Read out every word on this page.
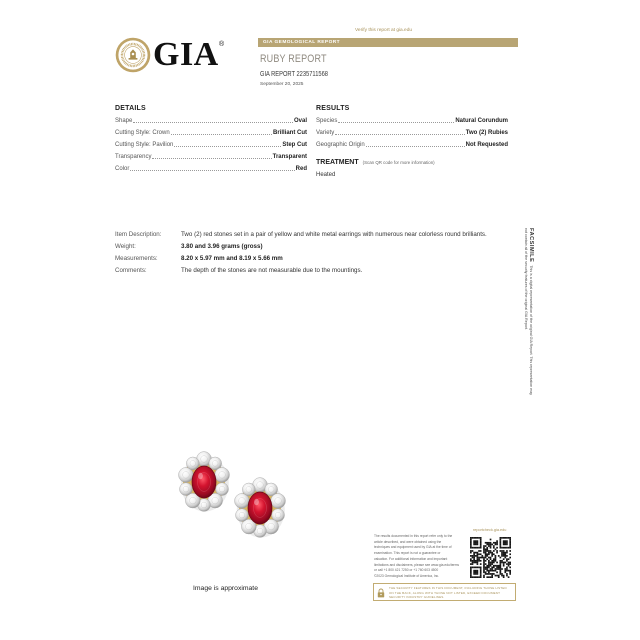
Verify this report at gia.edu
GIA ®	GIA GEMOLOGICAL REPORT
RUBY REPORT
GIA REPORT 2235711568
September 20, 2025
DETAILS
Shape	Oval
Cutting Style: Crown	Brilliant Cut
Cutting Style: Pavilion	Step Cut
Transparency	Transparent
Color	Red
RESULTS
Species	Natural Corundum
Variety	Two (2) Rubies
Geographic Origin	Not Requested
TREATMENT (Scan QR code for more information)
Heated
Item Description:	Two (2) red stones set in a pair of yellow and white metal earrings with numerous near colorless round brilliants.
Weight:	3.80 and 3.96 grams (gross)
Measurements:	8.20 x 5.97 mm and 8.19 x 5.66 mm
Comments:	The depth of the stones are not measurable due to the mountings.
FACSIMILEThis is a digital representation of the original GIA Report. This representation may not contain all of the security features of the original GIA Report.
Image is approximate
The results documented in this report refer only to the
article described, and were obtained using the
techniques and equipment used by GIA at the time of
examination. This report is not a guarantee or
valuation. For additional information and important
limitations and disclaimers, please see www.gia.edu/terms
or call +1 800 421 7250 or +1 760 603 4500
©2023 Gemological Institute of America, Inc.
reportcheck.gia.edu
THE SECURITY FEATURES IN THIS DOCUMENT, INCLUDING THOSE LISTED
ON THE BACK, ALONG WITH THOSE NOT LISTED, EXCEED DOCUMENT
SECURITY INDUSTRY GUIDELINES.
